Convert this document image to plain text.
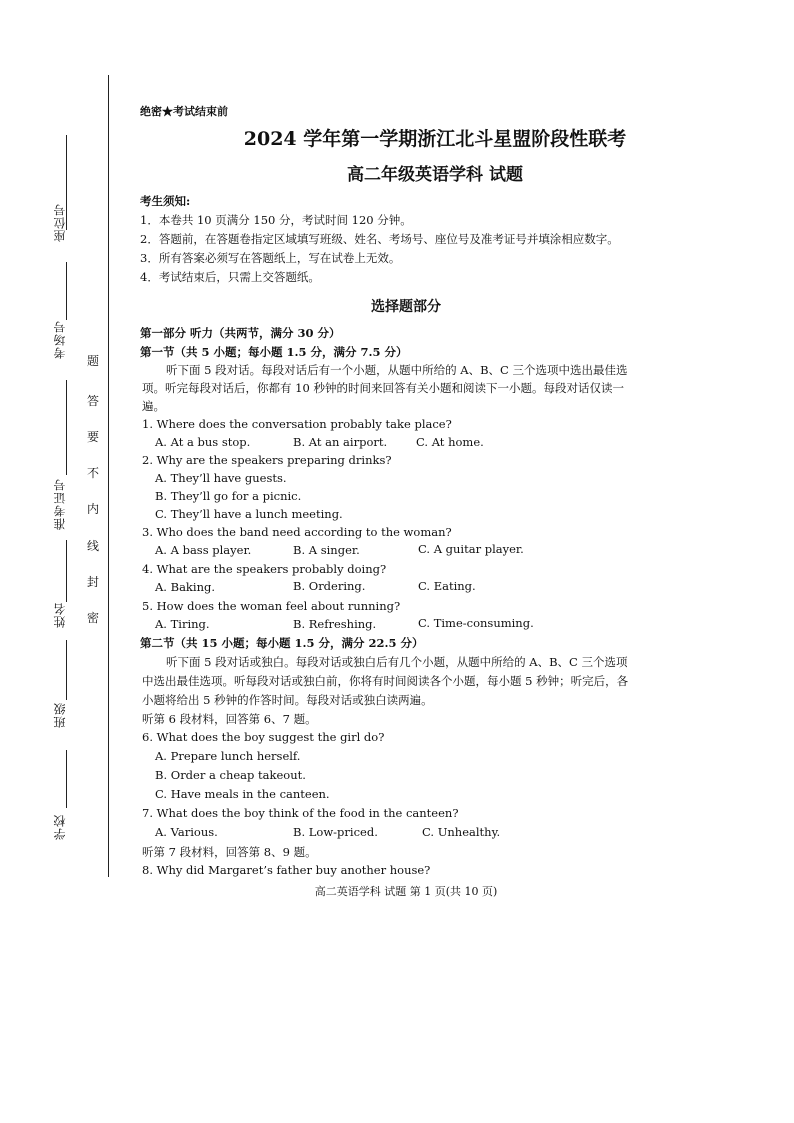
座位号
考场号
准考证号
姓名
班级
学校
题
答
要
不
内
线
封
密
绝密★考试结束前
2024 学年第一学期浙江北斗星盟阶段性联考
高二年级英语学科 试题
考生须知:
1．本卷共 10 页满分 150 分，考试时间 120 分钟。
2．答题前，在答题卷指定区域填写班级、姓名、考场号、座位号及准考证号并填涂相应数字。
3．所有答案必须写在答题纸上，写在试卷上无效。
4．考试结束后，只需上交答题纸。
选择题部分
第一部分 听力（共两节，满分 30 分）
第一节（共 5 小题；每小题 1.5 分，满分 7.5 分）
听下面 5 段对话。每段对话后有一个小题，从题中所给的 A、B、C 三个选项中选出最佳选
项。听完每段对话后，你都有 10 秒钟的时间来回答有关小题和阅读下一小题。每段对话仅读一
遍。
1. Where does the conversation probably take place?
A. At a bus stop.	B. At an airport.	C. At home.
2. Why are the speakers preparing drinks?
A. They’ll have guests.
B. They’ll go for a picnic.
C. They’ll have a lunch meeting.
3. Who does the band need according to the woman?
A. A bass player.	B. A singer.	C. A guitar player.
4. What are the speakers probably doing?
A. Baking.	B. Ordering.	C. Eating.
5. How does the woman feel about running?
A. Tiring.	B. Refreshing.	C. Time-consuming.
第二节（共 15 小题；每小题 1.5 分，满分 22.5 分）
听下面 5 段对话或独白。每段对话或独白后有几个小题，从题中所给的 A、B、C 三个选项
中选出最佳选项。听每段对话或独白前，你将有时间阅读各个小题，每小题 5 秒钟；听完后，各
小题将给出 5 秒钟的作答时间。每段对话或独白读两遍。
听第 6 段材料，回答第 6、7 题。
6. What does the boy suggest the girl do?
A. Prepare lunch herself.
B. Order a cheap takeout.
C. Have meals in the canteen.
7. What does the boy think of the food in the canteen?
A. Various.	B. Low-priced.	C. Unhealthy.
听第 7 段材料，回答第 8、9 题。
8. Why did Margaret’s father buy another house?
高二英语学科 试题 第 1 页(共 10 页)
